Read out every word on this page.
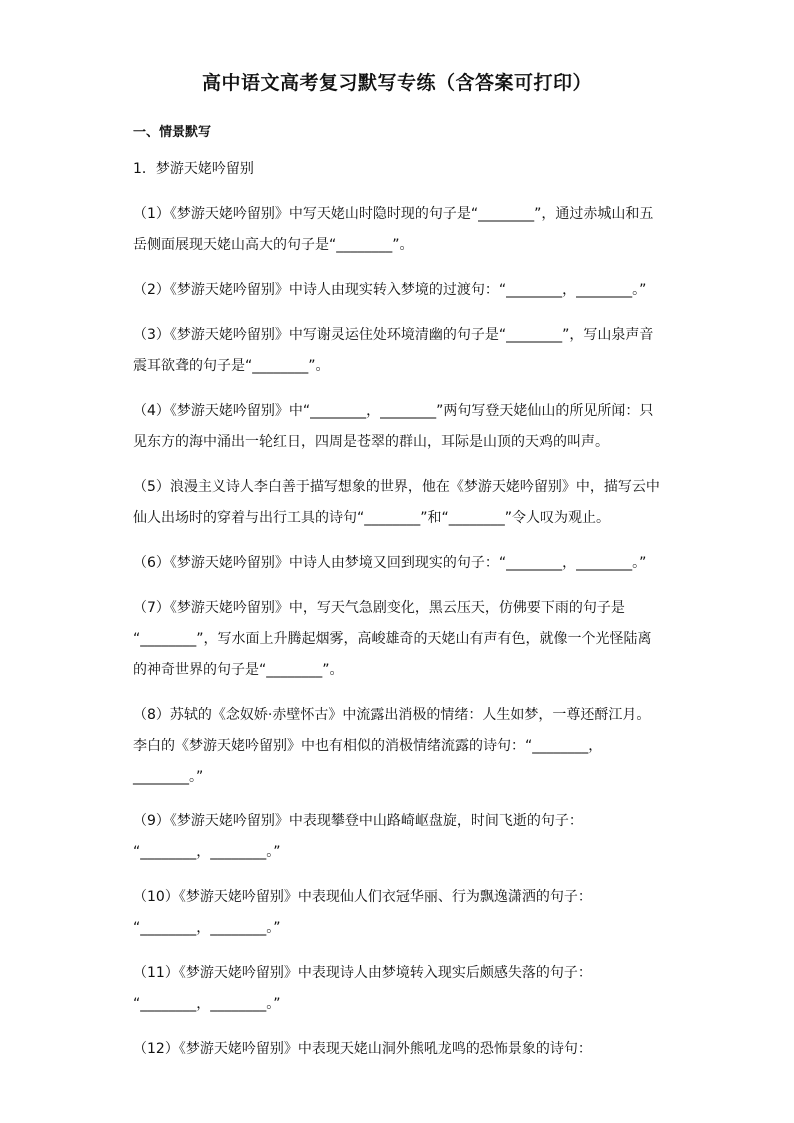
高中语文高考复习默写专练（含答案可打印）
一、情景默写
1．梦游天姥吟留别
（1）《梦游天姥吟留别》中写天姥山时隐时现的句子是“________”，通过赤城山和五
岳侧面展现天姥山高大的句子是“________”。
（2）《梦游天姥吟留别》中诗人由现实转入梦境的过渡句：“________，________。”
（3）《梦游天姥吟留别》中写谢灵运住处环境清幽的句子是“________”，写山泉声音
震耳欲聋的句子是“________”。
（4）《梦游天姥吟留别》中“________，________”两句写登天姥仙山的所见所闻：只
见东方的海中涌出一轮红日，四周是苍翠的群山，耳际是山顶的天鸡的叫声。
（5）浪漫主义诗人李白善于描写想象的世界，他在《梦游天姥吟留别》中，描写云中
仙人出场时的穿着与出行工具的诗句“________”和“________”令人叹为观止。
（6）《梦游天姥吟留别》中诗人由梦境又回到现实的句子：“________，________。”
（7）《梦游天姥吟留别》中，写天气急剧变化，黑云压天，仿佛要下雨的句子是
“________”，写水面上升腾起烟雾，高峻雄奇的天姥山有声有色，就像一个光怪陆离
的神奇世界的句子是“________”。
（8）苏轼的《念奴娇·赤壁怀古》中流露出消极的情绪：人生如梦，一尊还酹江月。
李白的《梦游天姥吟留别》中也有相似的消极情绪流露的诗句：“________，
________。”
（9）《梦游天姥吟留别》中表现攀登中山路崎岖盘旋，时间飞逝的句子：
“________，________。”
（10）《梦游天姥吟留别》中表现仙人们衣冠华丽、行为飘逸潇洒的句子：
“________，________。”
（11）《梦游天姥吟留别》中表现诗人由梦境转入现实后颇感失落的句子：
“________，________。”
（12）《梦游天姥吟留别》中表现天姥山洞外熊吼龙鸣的恐怖景象的诗句：
